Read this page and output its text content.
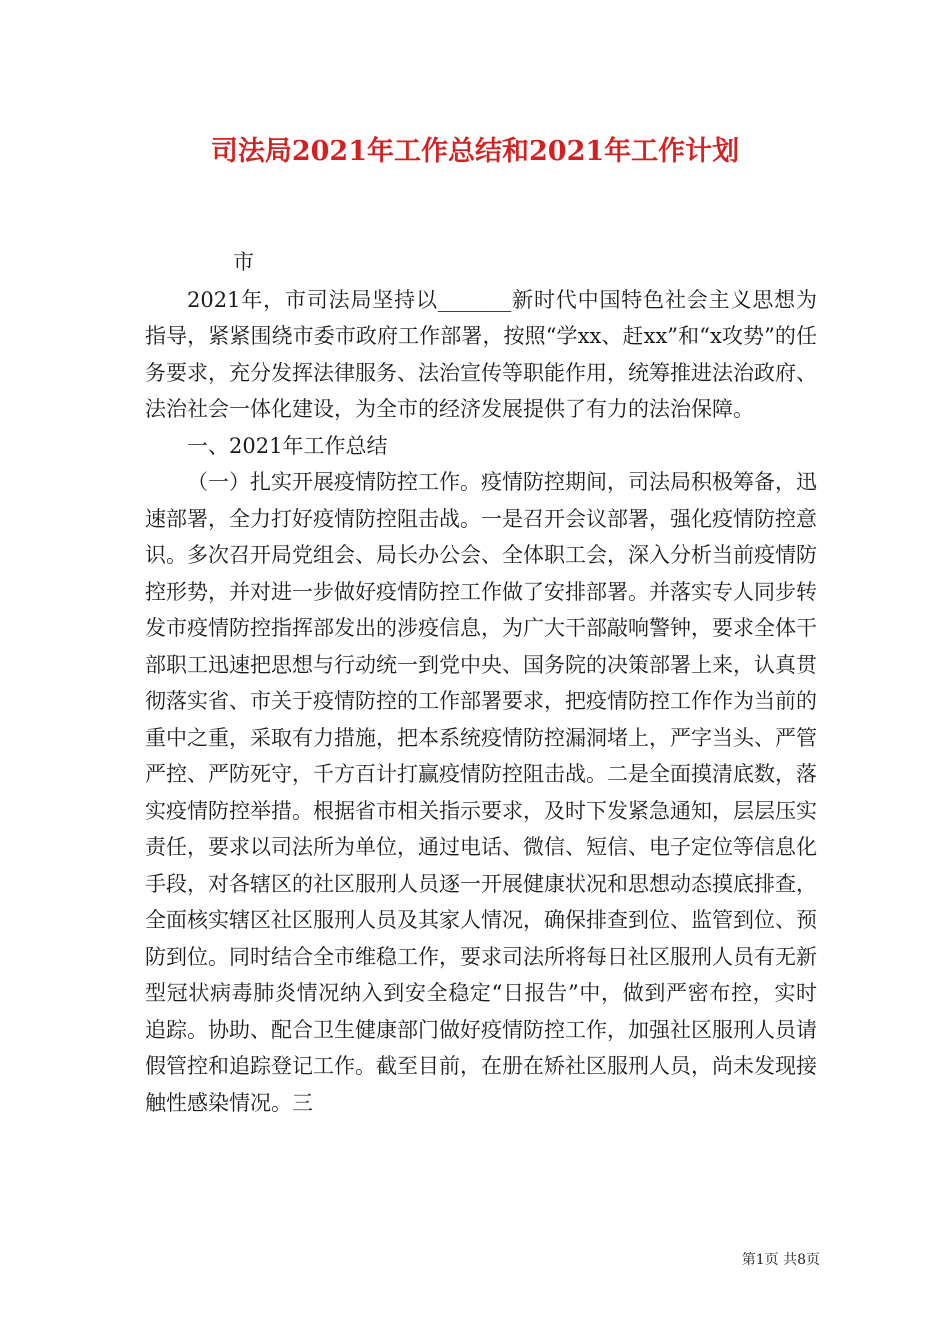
司法局2021年工作总结和2021年工作计划

市

2021年，市司法局坚持以_______新时代中国特色社会主义思想为指导，紧紧围绕市委市政府工作部署，按照“学xx、赶xx”和“x攻势”的任务要求，充分发挥法律服务、法治宣传等职能作用，统筹推进法治政府、法治社会一体化建设，为全市的经济发展提供了有力的法治保障。

一、2021年工作总结

（一）扎实开展疫情防控工作。疫情防控期间，司法局积极筹备，迅速部署，全力打好疫情防控阻击战。一是召开会议部署，强化疫情防控意识。多次召开局党组会、局长办公会、全体职工会，深入分析当前疫情防控形势，并对进一步做好疫情防控工作做了安排部署。并落实专人同步转发市疫情防控指挥部发出的涉疫信息，为广大干部敲响警钟，要求全体干部职工迅速把思想与行动统一到党中央、国务院的决策部署上来，认真贯彻落实省、市关于疫情防控的工作部署要求，把疫情防控工作作为当前的重中之重，采取有力措施，把本系统疫情防控漏洞堵上，严字当头、严管严控、严防死守，千方百计打赢疫情防控阻击战。二是全面摸清底数，落实疫情防控举措。根据省市相关指示要求，及时下发紧急通知，层层压实责任，要求以司法所为单位，通过电话、微信、短信、电子定位等信息化手段，对各辖区的社区服刑人员逐一开展健康状况和思想动态摸底排查，全面核实辖区社区服刑人员及其家人情况，确保排查到位、监管到位、预防到位。同时结合全市维稳工作，要求司法所将每日社区服刑人员有无新型冠状病毒肺炎情况纳入到安全稳定“日报告”中，做到严密布控，实时追踪。协助、配合卫生健康部门做好疫情防控工作，加强社区服刑人员请假管控和追踪登记工作。截至目前，在册在矫社区服刑人员，尚未发现接触性感染情况。三

第1页 共8页
